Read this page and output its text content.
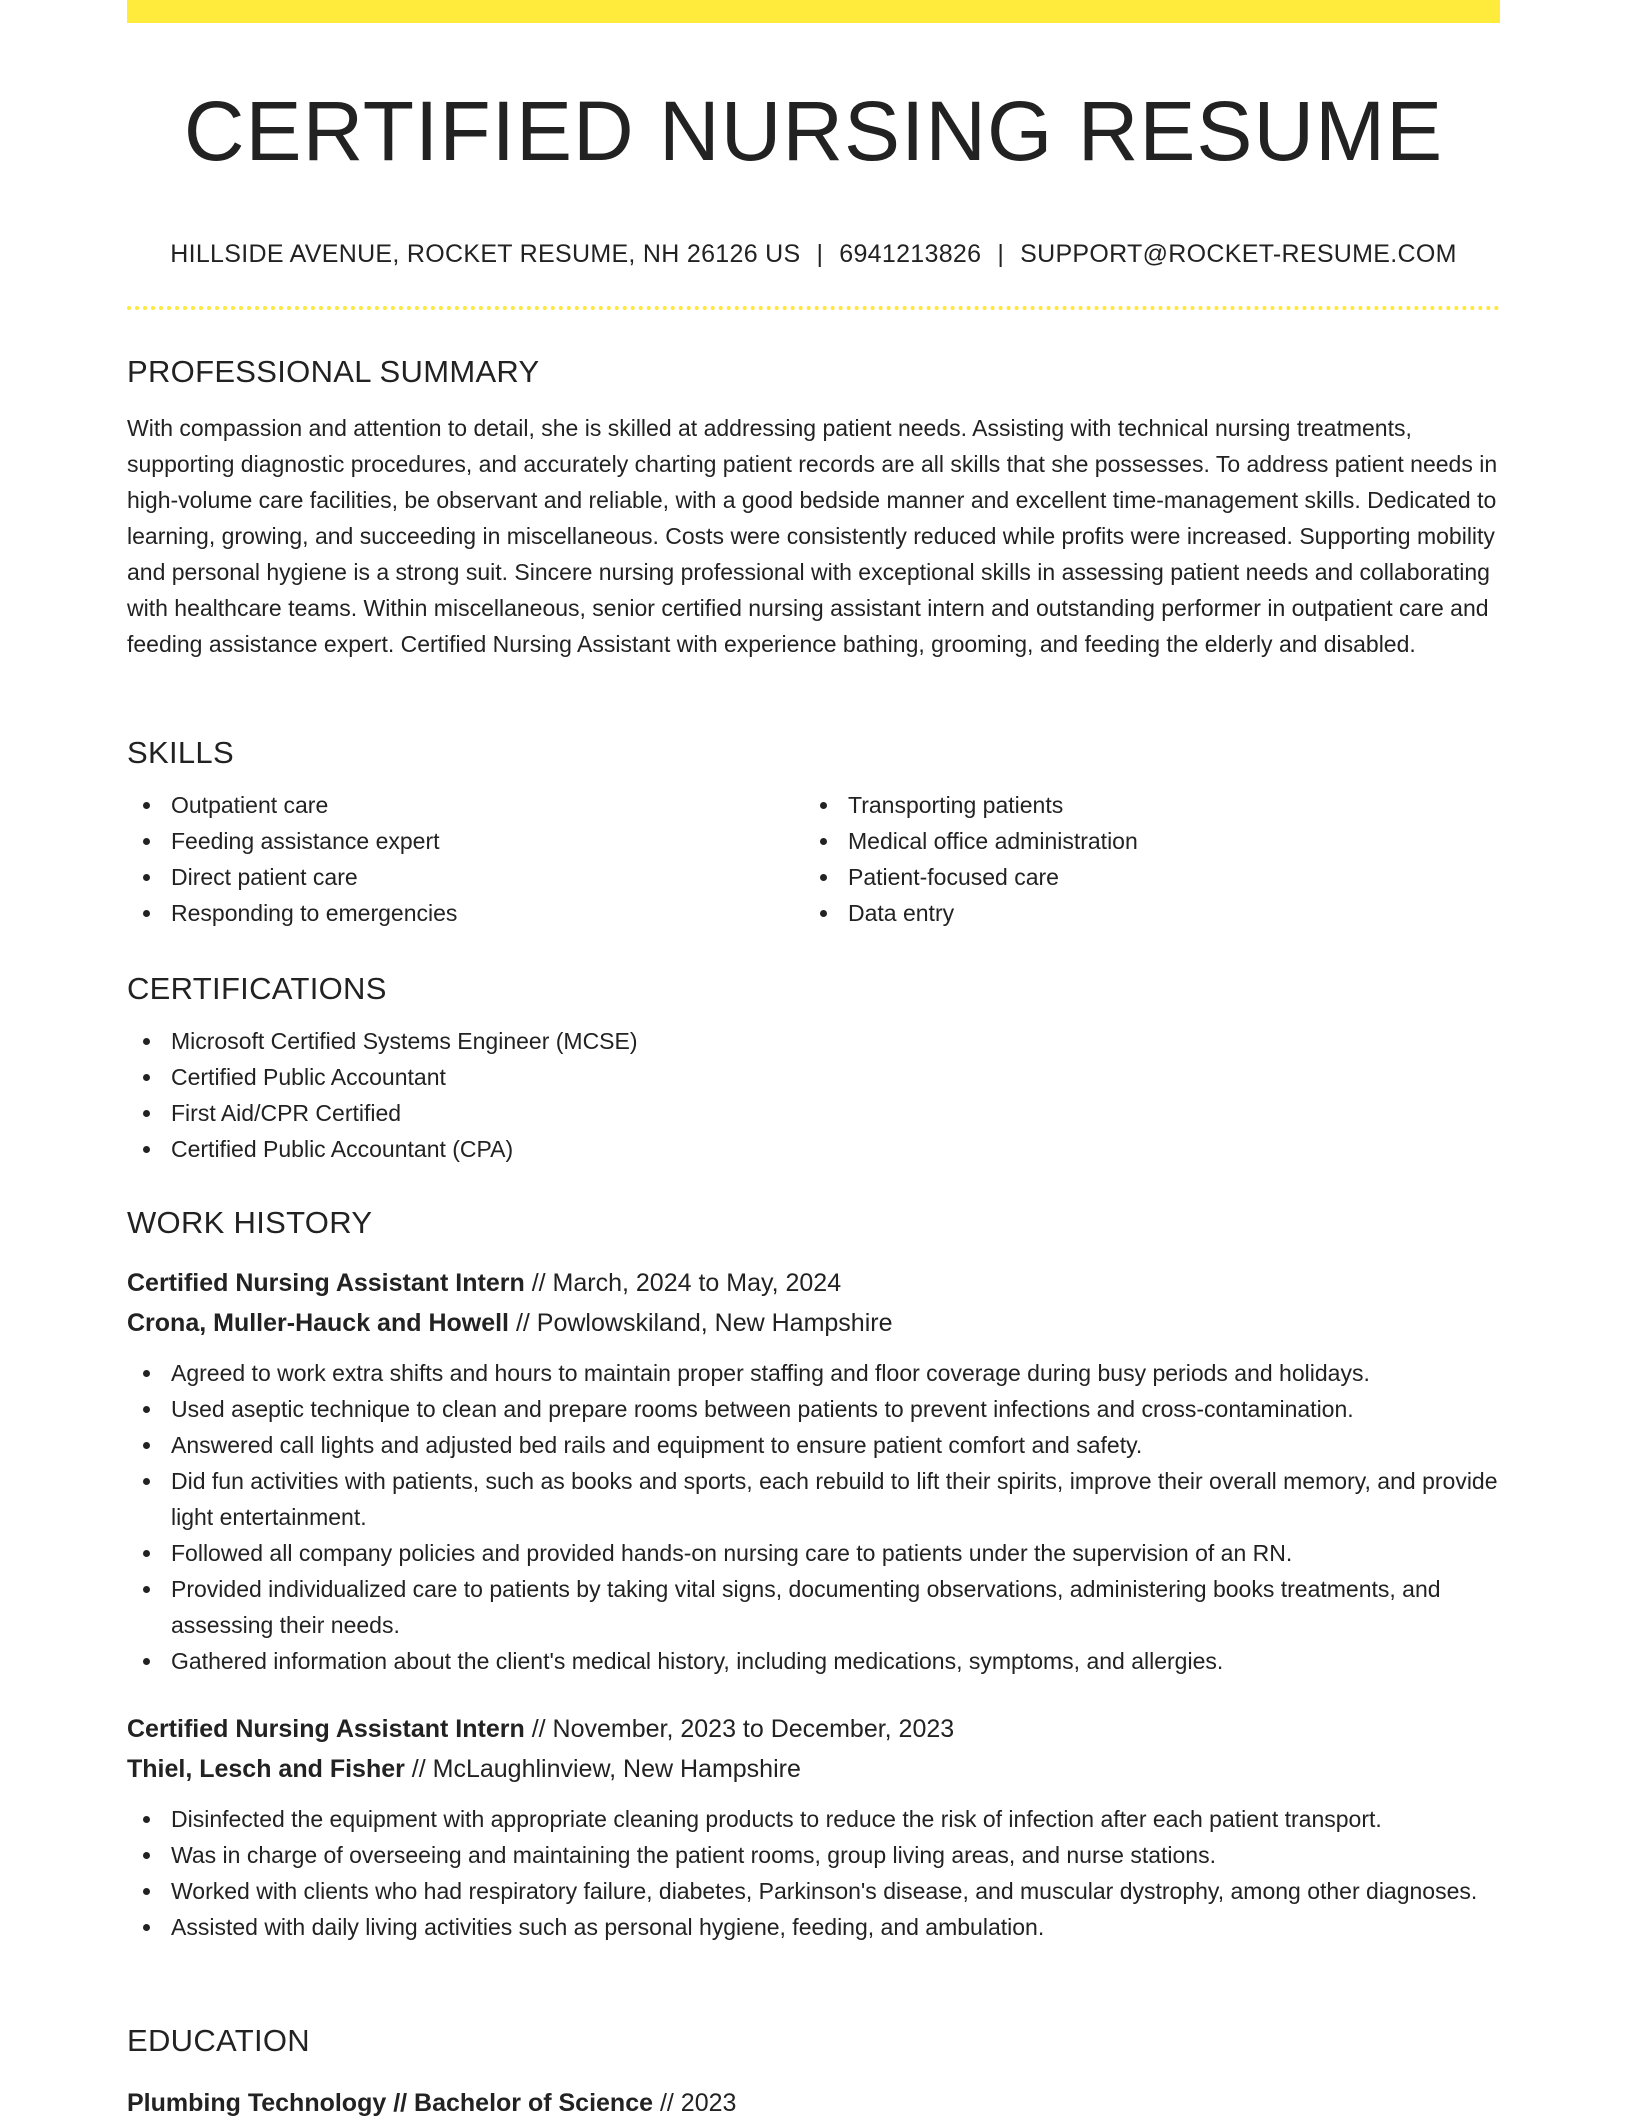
CERTIFIED NURSING RESUME
HILLSIDE AVENUE, ROCKET RESUME, NH 26126 US | 6941213826 | SUPPORT@ROCKET-RESUME.COM
PROFESSIONAL SUMMARY

With compassion and attention to detail, she is skilled at addressing patient needs. Assisting with technical nursing treatments, supporting diagnostic procedures, and accurately charting patient records are all skills that she possesses. To address patient needs in high-volume care facilities, be observant and reliable, with a good bedside manner and excellent time-management skills. Dedicated to learning, growing, and succeeding in miscellaneous. Costs were consistently reduced while profits were increased. Supporting mobility and personal hygiene is a strong suit. Sincere nursing professional with exceptional skills in assessing patient needs and collaborating with healthcare teams. Within miscellaneous, senior certified nursing assistant intern and outstanding performer in outpatient care and feeding assistance expert. Certified Nursing Assistant with experience bathing, grooming, and feeding the elderly and disabled.

SKILLS
Outpatient care
Feeding assistance expert
Direct patient care
Responding to emergencies
Transporting patients
Medical office administration
Patient-focused care
Data entry
CERTIFICATIONS
Microsoft Certified Systems Engineer (MCSE)
Certified Public Accountant
First Aid/CPR Certified
Certified Public Accountant (CPA)
WORK HISTORY
Certified Nursing Assistant Intern // March, 2024 to May, 2024
Crona, Muller-Hauck and Howell // Powlowskiland, New Hampshire
Agreed to work extra shifts and hours to maintain proper staffing and floor coverage during busy periods and holidays.
Used aseptic technique to clean and prepare rooms between patients to prevent infections and cross-contamination.
Answered call lights and adjusted bed rails and equipment to ensure patient comfort and safety.
Did fun activities with patients, such as books and sports, each rebuild to lift their spirits, improve their overall memory, and provide light entertainment.
Followed all company policies and provided hands-on nursing care to patients under the supervision of an RN.
Provided individualized care to patients by taking vital signs, documenting observations, administering books treatments, and assessing their needs.
Gathered information about the client's medical history, including medications, symptoms, and allergies.
Certified Nursing Assistant Intern // November, 2023 to December, 2023
Thiel, Lesch and Fisher // McLaughlinview, New Hampshire
Disinfected the equipment with appropriate cleaning products to reduce the risk of infection after each patient transport.
Was in charge of overseeing and maintaining the patient rooms, group living areas, and nurse stations.
Worked with clients who had respiratory failure, diabetes, Parkinson's disease, and muscular dystrophy, among other diagnoses.
Assisted with daily living activities such as personal hygiene, feeding, and ambulation.
EDUCATION
Plumbing Technology // Bachelor of Science // 2023
